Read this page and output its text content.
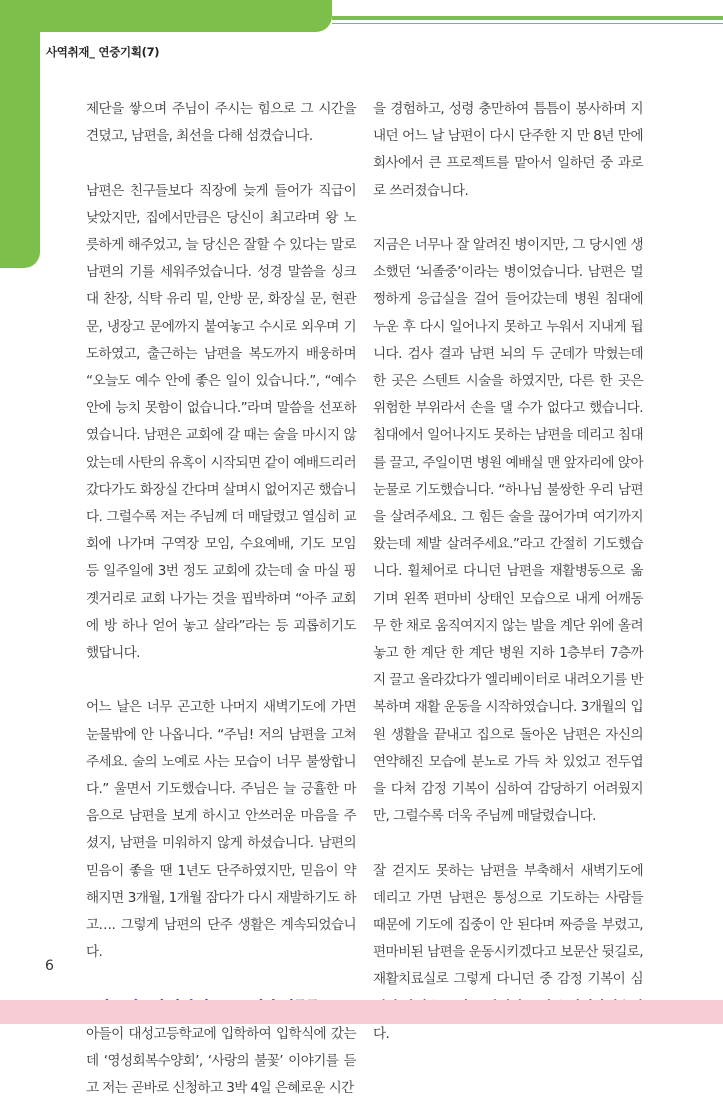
사역취재_ 연중기획(7)

제단을 쌓으며 주님이 주시는 힘으로 그 시간을 견뎠고, 남편을, 최선을 다해 섬겼습니다.

남편은 친구들보다 직장에 늦게 들어가 직급이 낮았지만, 집에서만큼은 당신이 최고라며 왕 노릇하게 해주었고, 늘 당신은 잘할 수 있다는 말로 남편의 기를 세워주었습니다. 성경 말씀을 싱크대 찬장, 식탁 유리 밑, 안방 문, 화장실 문, 현관문, 냉장고 문에까지 붙여놓고 수시로 외우며 기도하였고, 출근하는 남편을 복도까지 배웅하며 “오늘도 예수 안에 좋은 일이 있습니다.”, “예수 안에 능치 못함이 없습니다.”라며 말씀을 선포하였습니다. 남편은 교회에 갈 때는 술을 마시지 않았는데 사탄의 유혹이 시작되면 같이 예배드리러 갔다가도 화장실 간다며 살며시 없어지곤 했습니다. 그럴수록 저는 주님께 더 매달렸고 열심히 교회에 나가며 구역장 모임, 수요예배, 기도 모임 등 일주일에 3번 정도 교회에 갔는데 술 마실 핑곗거리로 교회 나가는 것을 핍박하며 “아주 교회에 방 하나 얻어 놓고 살라”라는 등 괴롭히기도 했답니다.

어느 날은 너무 곤고한 나머지 새벽기도에 가면 눈물밖에 안 나옵니다. “주님! 저의 남편을 고쳐주세요. 술의 노예로 사는 모습이 너무 불쌍합니다.” 울면서 기도했습니다. 주님은 늘 긍휼한 마음으로 남편을 보게 하시고 안쓰러운 마음을 주셨지, 남편을 미워하지 않게 하셨습니다. 남편의 믿음이 좋을 땐 1년도 단주하였지만, 믿음이 약해지면 3개월, 1개월 잠다가 다시 재발하기도 하고…. 그렇게 남편의 단주 생활은 계속되었습니다.

아들이 대성고등학교에 입학하여 입학식에 갔는데 ‘영성회복수양회’, ‘사랑의 불꽃’ 이야기를 듣고 저는 곧바로 신청하고 3박 4일 은혜로운 시간

을 경험하고, 성령 충만하여 틈틈이 봉사하며 지내던 어느 날 남편이 다시 단주한 지 만 8년 만에 회사에서 큰 프로젝트를 맡아서 일하던 중 과로로 쓰러졌습니다.

지금은 너무나 잘 알려진 병이지만, 그 당시엔 생소했던 ‘뇌졸중’이라는 병이었습니다. 남편은 멀쩡하게 응급실을 걸어 들어갔는데 병원 침대에 누운 후 다시 일어나지 못하고 누워서 지내게 됩니다. 검사 결과 남편 뇌의 두 군데가 막혔는데 한 곳은 스텐트 시술을 하였지만, 다른 한 곳은 위험한 부위라서 손을 댈 수가 없다고 했습니다. 침대에서 일어나지도 못하는 남편을 데리고 침대를 끌고, 주일이면 병원 예배실 맨 앞자리에 앉아 눈물로 기도했습니다. “하나님 불쌍한 우리 남편을 살려주세요. 그 힘든 술을 끊어가며 여기까지 왔는데 제발 살려주세요.”라고 간절히 기도했습니다. 휠체어로 다니던 남편을 재활병동으로 옮기며 왼쪽 편마비 상태인 모습으로 내게 어깨동무 한 채로 움직여지지 않는 발을 계단 위에 올려놓고 한 계단 한 계단 병원 지하 1층부터 7층까지 끌고 올라갔다가 엘리베이터로 내려오기를 반복하며 재활 운동을 시작하였습니다. 3개월의 입원 생활을 끝내고 집으로 돌아온 남편은 자신의 연약해진 모습에 분노로 가득 차 있었고 전두엽을 다쳐 감정 기복이 심하여 감당하기 어려웠지만, 그럴수록 더욱 주님께 매달렸습니다.

잘 걷지도 못하는 남편을 부축해서 새벽기도에 데리고 가면 남편은 통성으로 기도하는 사람들 때문에 기도에 집중이 안 된다며 짜증을 부렸고, 편마비된 남편을 운동시키겠다고 보문산 뒷길로, 재활치료실로 그렇게 다니던 중 감정 기복이 심 다.

6
